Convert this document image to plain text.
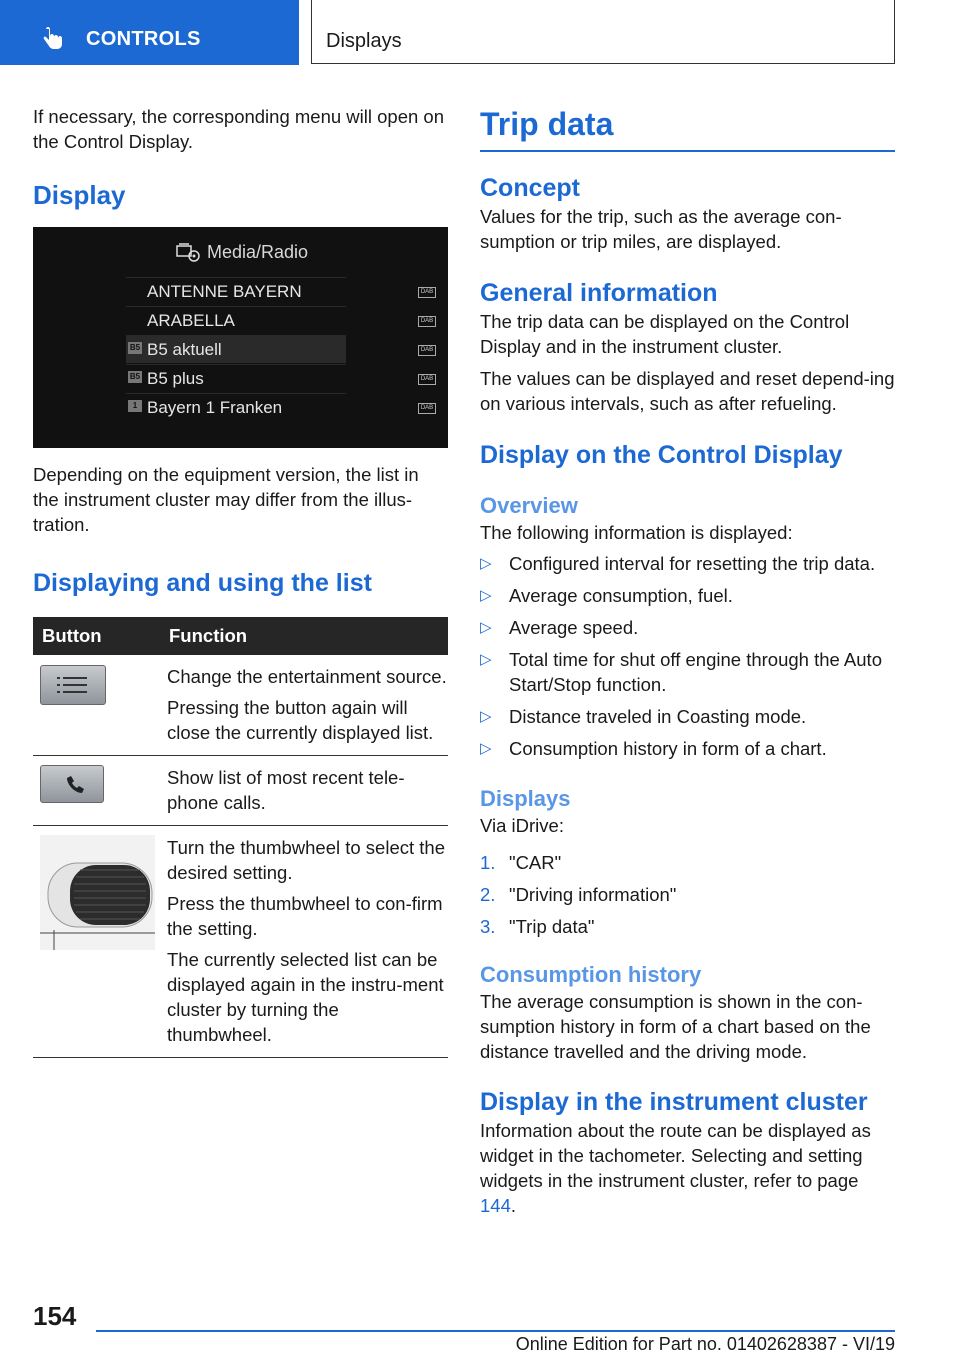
CONTROLS	Displays

If necessary, the corresponding menu will open on the Control Display.

Display
Media/Radio
ANTENNE BAYERN	DAB
ARABELLA	DAB
B5 B5 aktuell	DAB
B5 B5 plus	DAB
1 Bayern 1 Franken	DAB

Depending on the equipment version, the list in the instrument cluster may differ from the illus-tration.

Displaying and using the list
Button	Function

Change the entertainment source.

Pressing the button again will close the currently displayed list.

Show list of most recent tele-phone calls.

Turn the thumbwheel to select the desired setting.

Press the thumbwheel to con-firm the setting.

The currently selected list can be displayed again in the instru-ment cluster by turning the thumbwheel.

Trip data
Concept

Values for the trip, such as the average con-sumption or trip miles, are displayed.

General information

The trip data can be displayed on the Control Display and in the instrument cluster.

The values can be displayed and reset depend-ing on various intervals, such as after refueling.

Display on the Control Display
Overview

The following information is displayed:

▷ Configured interval for resetting the trip data.
▷ Average consumption, fuel.
▷ Average speed.
▷ Total time for shut off engine through the Auto Start/Stop function.
▷ Distance traveled in Coasting mode.
▷ Consumption history in form of a chart.
Displays

Via iDrive:

1. "CAR"
2. "Driving information"
3. "Trip data"
Consumption history

The average consumption is shown in the con-sumption history in form of a chart based on the distance travelled and the driving mode.

Display in the instrument cluster

Information about the route can be displayed as widget in the tachometer. Selecting and setting widgets in the instrument cluster, refer to page 144.

154
Online Edition for Part no. 01402628387 - VI/19
